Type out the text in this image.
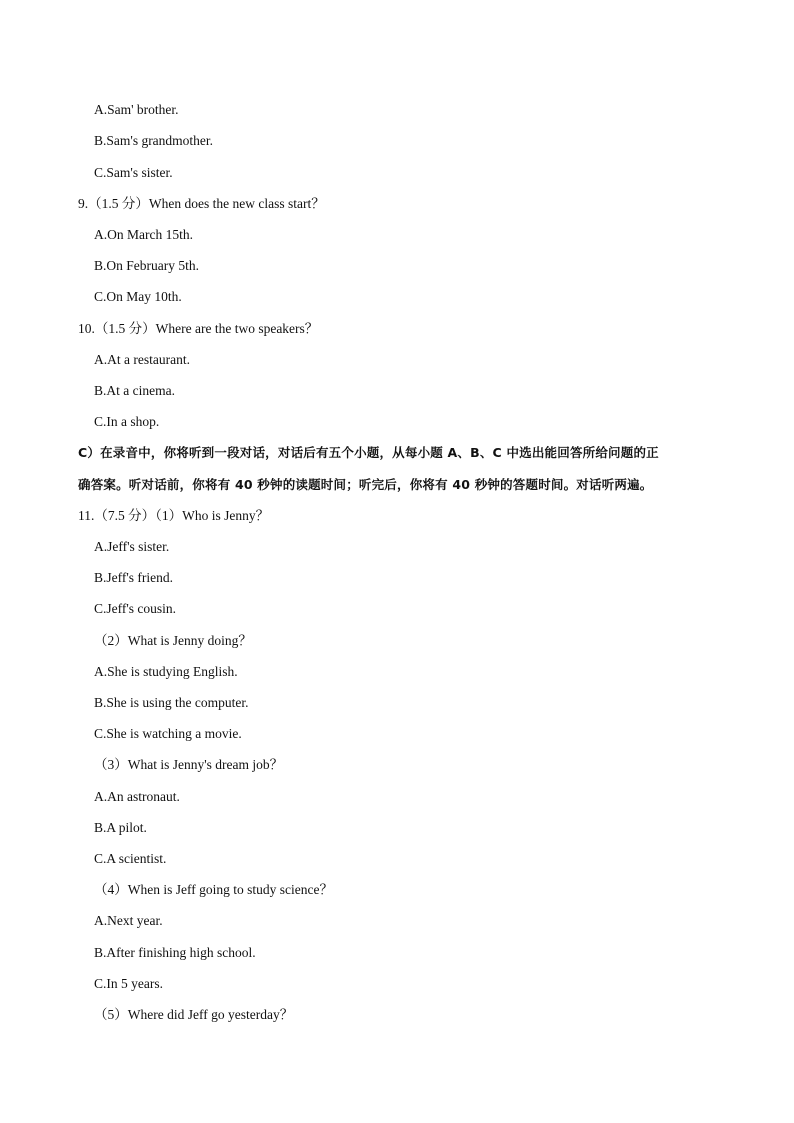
A.Sam' brother.
B.Sam's grandmother.
C.Sam's sister.
9.（1.5 分）When does the new class start？
A.On March 15th.
B.On February 5th.
C.On May 10th.
10.（1.5 分）Where are the two speakers？
A.At a restaurant.
B.At a cinema.
C.In a shop.
C）在录音中，你将听到一段对话，对话后有五个小题，从每小题 A、B、C 中选出能回答所给问题的正
确答案。听对话前，你将有 40 秒钟的读题时间；听完后，你将有 40 秒钟的答题时间。对话听两遍。
11.（7.5 分）（1）Who is Jenny？
A.Jeff's sister.
B.Jeff's friend.
C.Jeff's cousin.
（2）What is Jenny doing？
A.She is studying English.
B.She is using the computer.
C.She is watching a movie.
（3）What is Jenny's dream job？
A.An astronaut.
B.A pilot.
C.A scientist.
（4）When is Jeff going to study science？
A.Next year.
B.After finishing high school.
C.In 5 years.
（5）Where did Jeff go yesterday？
